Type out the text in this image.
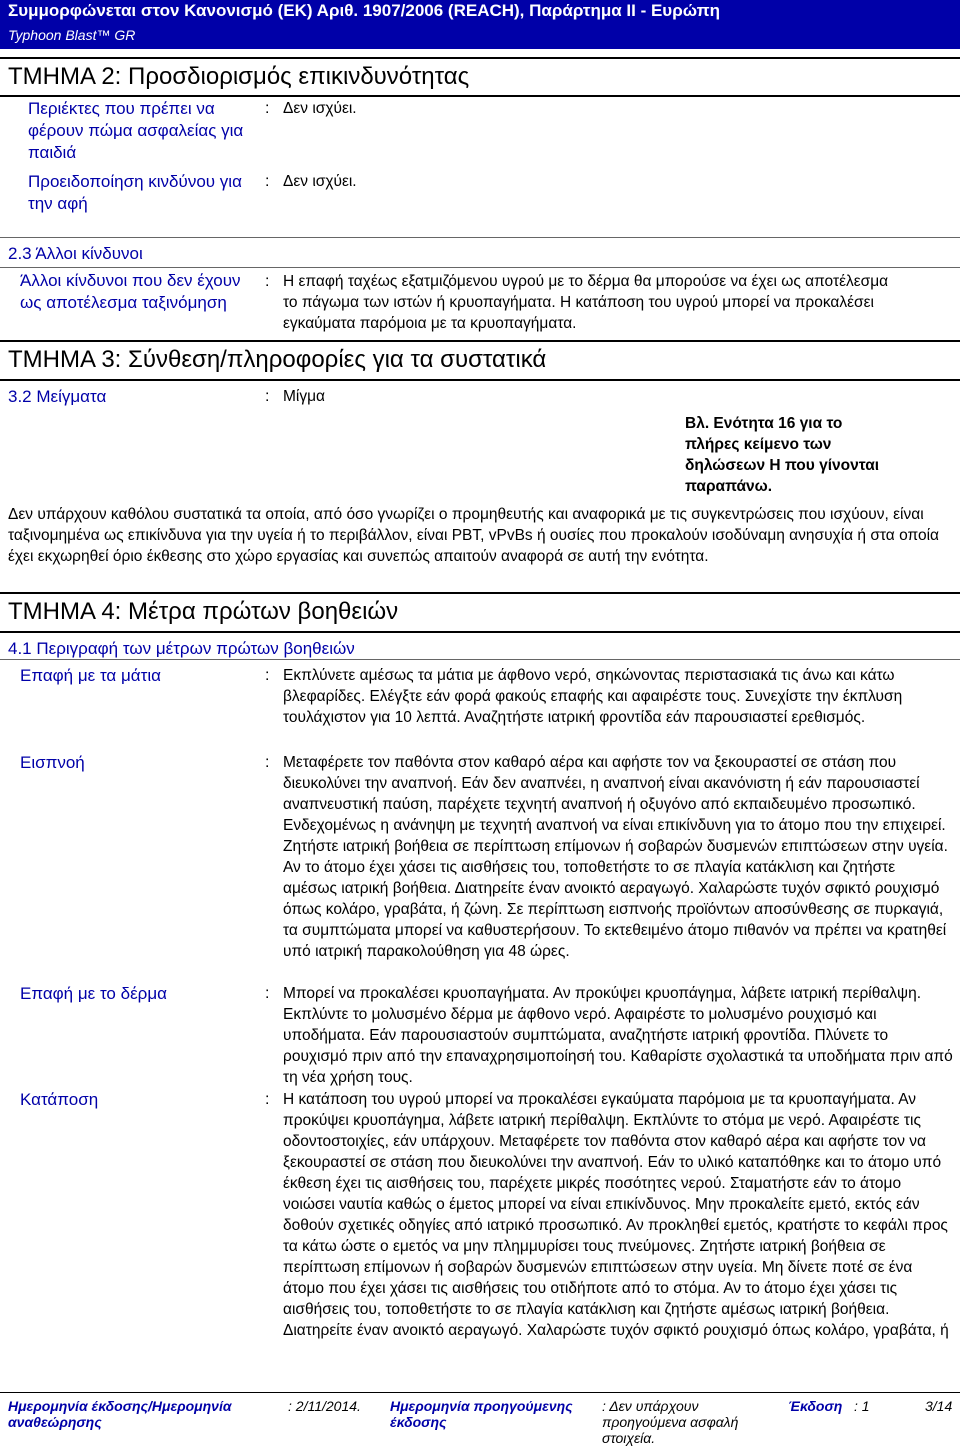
Συμμορφώνεται στον Κανονισμό (ΕΚ) Αριθ. 1907/2006 (REACH), Παράρτημα II - Ευρώπη
Typhoon Blast™ GR
ΤΜΗΜΑ 2: Προσδιορισμός επικινδυνότητας
Περιέκτες που πρέπει να φέρουν πώμα ασφαλείας για παιδιά
: Δεν ισχύει.
Προειδοποίηση κινδύνου για την αφή
: Δεν ισχύει.
2.3 Άλλοι κίνδυνοι
Άλλοι κίνδυνοι που δεν έχουν ως αποτέλεσμα ταξινόμηση
: Η επαφή ταχέως εξατμιζόμενου υγρού με το δέρμα θα μπορούσε να έχει ως αποτέλεσμα το πάγωμα των ιστών ή κρυοπαγήματα. Η κατάποση του υγρού μπορεί να προκαλέσει εγκαύματα παρόμοια με τα κρυοπαγήματα.
ΤΜΗΜΑ 3: Σύνθεση/πληροφορίες για τα συστατικά
3.2 Μείγματα	: Μίγμα
Βλ. Ενότητα 16 για το πλήρες κείμενο των δηλώσεων Η που γίνονται παραπάνω.
Δεν υπάρχουν καθόλου συστατικά τα οποία, από όσο γνωρίζει ο προμηθευτής και αναφορικά με τις συγκεντρώσεις που ισχύουν, είναι ταξινομημένα ως επικίνδυνα για την υγεία ή το περιβάλλον, είναι PBT, vPvBs ή ουσίες που προκαλούν ισοδύναμη ανησυχία ή στα οποία έχει εκχωρηθεί όριο έκθεσης στο χώρο εργασίας και συνεπώς απαιτούν αναφορά σε αυτή την ενότητα.
ΤΜΗΜΑ 4: Μέτρα πρώτων βοηθειών
4.1 Περιγραφή των μέτρων πρώτων βοηθειών
Επαφή με τα μάτια	: Εκπλύνετε αμέσως τα μάτια με άφθονο νερό, σηκώνοντας περιστασιακά τις άνω και κάτω βλεφαρίδες. Ελέγξτε εάν φορά φακούς επαφής και αφαιρέστε τους. Συνεχίστε την έκπλυση τουλάχιστον για 10 λεπτά. Αναζητήστε ιατρική φροντίδα εάν παρουσιαστεί ερεθισμός.
Εισπνοή	: Μεταφέρετε τον παθόντα στον καθαρό αέρα και αφήστε τον να ξεκουραστεί σε στάση που διευκολύνει την αναπνοή. Εάν δεν αναπνέει, η αναπνοή είναι ακανόνιστη ή εάν παρουσιαστεί αναπνευστική παύση, παρέχετε τεχνητή αναπνοή ή οξυγόνο από εκπαιδευμένο προσωπικό. Ενδεχομένως η ανάνηψη με τεχνητή αναπνοή να είναι επικίνδυνη για το άτομο που την επιχειρεί. Ζητήστε ιατρική βοήθεια σε περίπτωση επίμονων ή σοβαρών δυσμενών επιπτώσεων στην υγεία. Αν το άτομο έχει χάσει τις αισθήσεις του, τοποθετήστε το σε πλαγία κατάκλιση και ζητήστε αμέσως ιατρική βοήθεια. Διατηρείτε έναν ανοικτό αεραγωγό. Χαλαρώστε τυχόν σφικτό ρουχισμό όπως κολάρο, γραβάτα, ή ζώνη. Σε περίπτωση εισπνοής προϊόντων αποσύνθεσης σε πυρκαγιά, τα συμπτώματα μπορεί να καθυστερήσουν. Το εκτεθειμένο άτομο πιθανόν να πρέπει να κρατηθεί υπό ιατρική παρακολούθηση για 48 ώρες.
Επαφή με το δέρμα	: Μπορεί να προκαλέσει κρυοπαγήματα. Αν προκύψει κρυοπάγημα, λάβετε ιατρική περίθαλψη. Εκπλύντε το μολυσμένο δέρμα με άφθονο νερό. Αφαιρέστε το μολυσμένο ρουχισμό και υποδήματα. Εάν παρουσιαστούν συμπτώματα, αναζητήστε ιατρική φροντίδα. Πλύνετε το ρουχισμό πριν από την επαναχρησιμοποίησή του. Καθαρίστε σχολαστικά τα υποδήματα πριν από τη νέα χρήση τους.
Κατάποση	: Η κατάποση του υγρού μπορεί να προκαλέσει εγκαύματα παρόμοια με τα κρυοπαγήματα. Αν προκύψει κρυοπάγημα, λάβετε ιατρική περίθαλψη. Εκπλύντε το στόμα με νερό. Αφαιρέστε τις οδοντοστοιχίες, εάν υπάρχουν. Μεταφέρετε τον παθόντα στον καθαρό αέρα και αφήστε τον να ξεκουραστεί σε στάση που διευκολύνει την αναπνοή. Εάν το υλικό καταπόθηκε και το άτομο υπό έκθεση έχει τις αισθήσεις του, παρέχετε μικρές ποσότητες νερού. Σταματήστε εάν το άτομο νοιώσει ναυτία καθώς ο έμετος μπορεί να είναι επικίνδυνος. Μην προκαλείτε εμετό, εκτός εάν δοθούν σχετικές οδηγίες από ιατρικό προσωπικό. Αν προκληθεί εμετός, κρατήστε το κεφάλι προς τα κάτω ώστε ο εμετός να μην πλημμυρίσει τους πνεύμονες. Ζητήστε ιατρική βοήθεια σε περίπτωση επίμονων ή σοβαρών δυσμενών επιπτώσεων στην υγεία. Μη δίνετε ποτέ σε ένα άτομο που έχει χάσει τις αισθήσεις του οτιδήποτε από το στόμα. Αν το άτομο έχει χάσει τις αισθήσεις του, τοποθετήστε το σε πλαγία κατάκλιση και ζητήστε αμέσως ιατρική βοήθεια. Διατηρείτε έναν ανοικτό αεραγωγό. Χαλαρώστε τυχόν σφικτό ρουχισμό όπως κολάρο, γραβάτα, ή
Ημερομηνία έκδοσης/Ημερομηνία αναθεώρησης
: 2/11/2014. Ημερομηνία προηγούμενης έκδοσης
: Δεν υπάρχουν προηγούμενα ασφαλή στοιχεία.
Έκδοση : 1	3/14
